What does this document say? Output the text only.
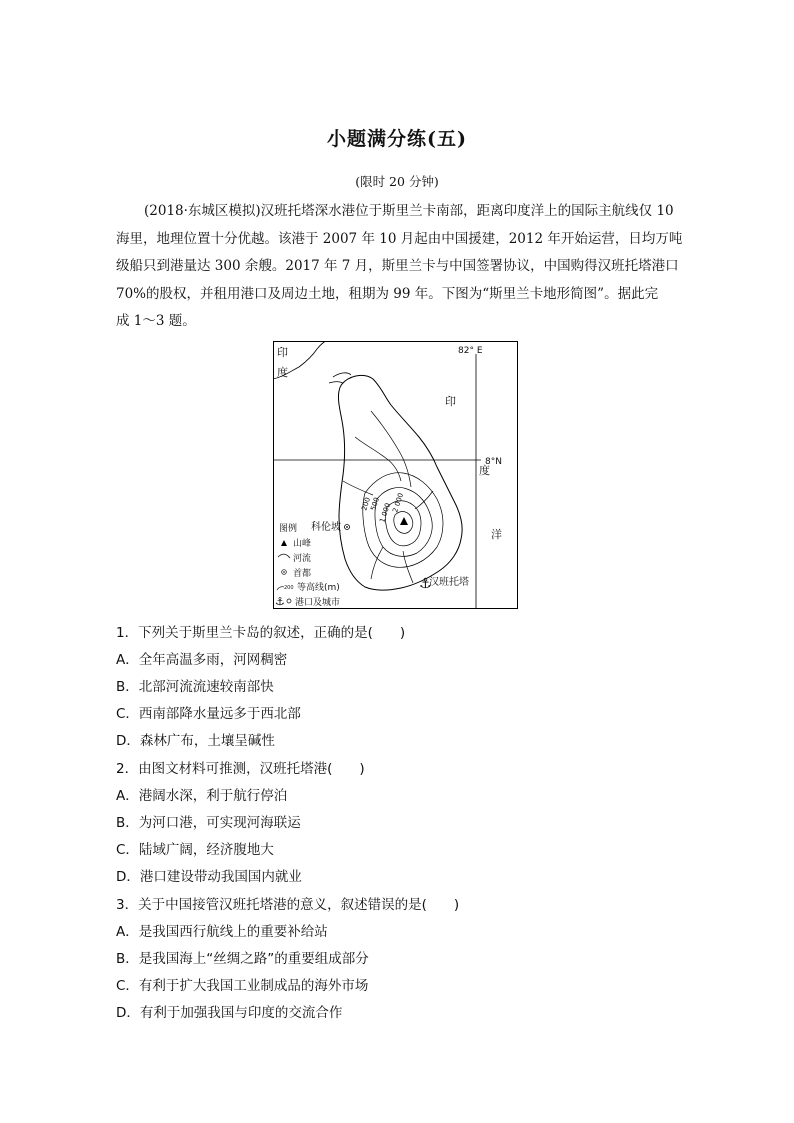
小题满分练(五)
(限时 20 分钟)

(2018·东城区模拟)汉班托塔深水港位于斯里兰卡南部，距离印度洋上的国际主航线仅 10
海里，地理位置十分优越。该港于 2007 年 10 月起由中国援建，2012 年开始运营，日均万吨
级船只到港量达 300 余艘。2017 年 7 月，斯里兰卡与中国签署协议，中国购得汉班托塔港口
70%的股权，并租用港口及周边土地，租期为 99 年。下图为“斯里兰卡地形简图”。据此完
成 1～3 题。

⚓
印
度
82° E
8°N
印
度
洋
200
500
1 000 2 000
科伦坡
汉班托塔
图例
山峰
河流
首都
200 等高线(m)
⚓ 港口及城市
1．下列关于斯里兰卡岛的叙述，正确的是(　　)
A．全年高温多雨，河网稠密
B．北部河流流速较南部快
C．西南部降水量远多于西北部
D．森林广布，土壤呈碱性
2．由图文材料可推测，汉班托塔港(　　)
A．港阔水深，利于航行停泊
B．为河口港，可实现河海联运
C．陆域广阔，经济腹地大
D．港口建设带动我国国内就业
3．关于中国接管汉班托塔港的意义，叙述错误的是(　　)
A．是我国西行航线上的重要补给站
B．是我国海上“丝绸之路”的重要组成部分
C．有利于扩大我国工业制成品的海外市场
D．有利于加强我国与印度的交流合作
